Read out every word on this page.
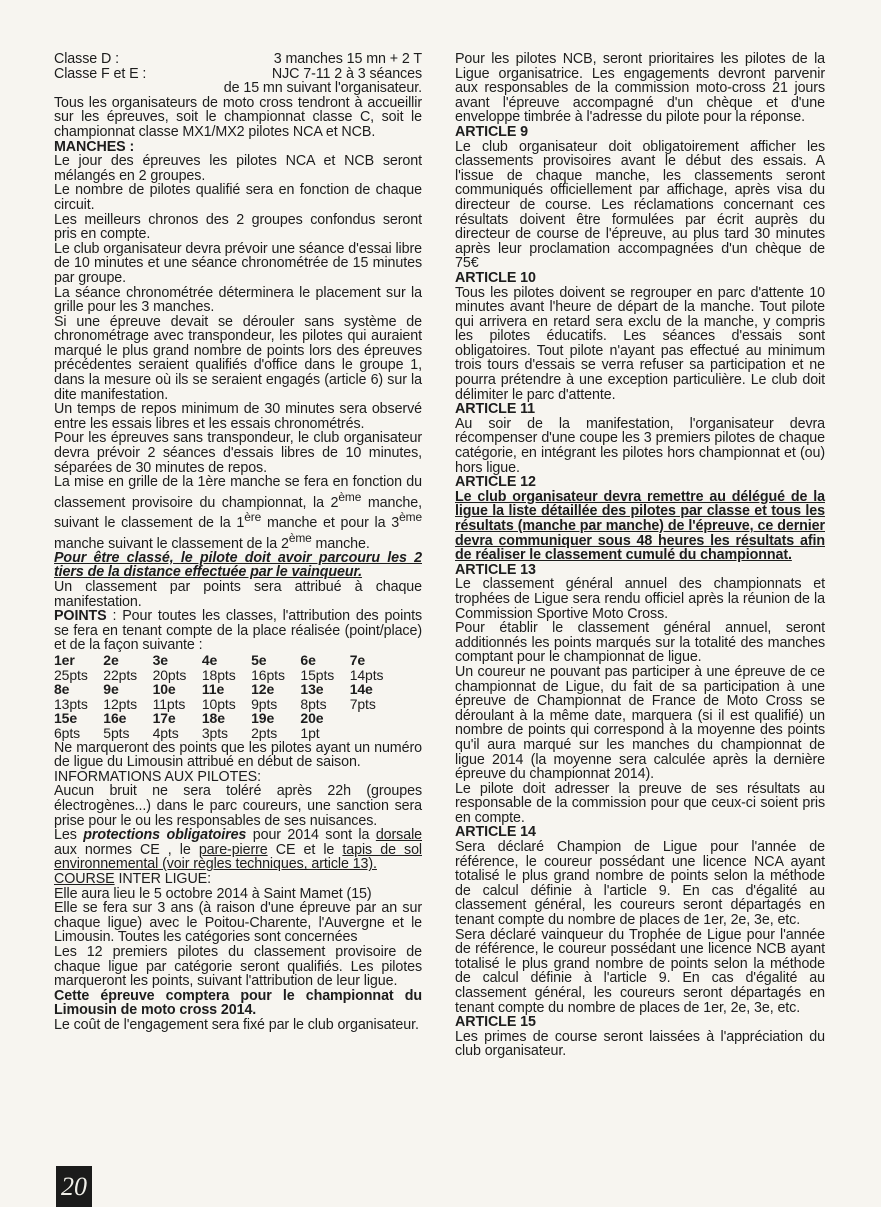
Classe D :	3 manches 15 mn + 2 T
Classe F et E :	NJC 7-11 2 à 3 séances

de 15 mn suivant l'organisateur.

Tous les organisateurs de moto cross tendront à accueillir sur les épreuves, soit le championnat classe C, soit le championnat classe MX1/MX2 pilotes NCA et NCB.

MANCHES :

Le jour des épreuves les pilotes NCA et NCB seront mélangés en 2 groupes.

Le nombre de pilotes qualifié sera en fonction de chaque circuit.

Les meilleurs chronos des 2 groupes confondus seront pris en compte.

Le club organisateur devra prévoir une séance d'essai libre de 10 minutes et une séance chronométrée de 15 minutes par groupe.

La séance chronométrée déterminera le placement sur la grille pour les 3 manches.

Si une épreuve devait se dérouler sans système de chronométrage avec transpondeur, les pilotes qui auraient marqué le plus grand nombre de points lors des épreuves précédentes seraient qualifiés d'office dans le groupe 1, dans la mesure où ils se seraient engagés (article 6) sur la dite manifestation.

Un temps de repos minimum de 30 minutes sera observé entre les essais libres et les essais chronométrés.

Pour les épreuves sans transpondeur, le club organisateur devra prévoir 2 séances d'essais libres de 10 minutes, séparées de 30 minutes de repos.

La mise en grille de la 1ère manche se fera en fonction du classement provisoire du championnat, la 2ème manche, suivant le classement de la 1ère manche et pour la 3ème manche suivant le classement de la 2ème manche.

Pour être classé, le pilote doit avoir parcouru les 2 tiers de la distance effectuée par le vainqueur.

Un classement par points sera attribué à chaque manifestation.

POINTS : Pour toutes les classes, l'attribution des points se fera en tenant compte de la place réalisée (point/place) et de la façon suivante :

1er	2e	3e	4e	5e	6e	7e
25pts	22pts	20pts	18pts	16pts	15pts	14pts
8e	9e	10e	11e	12e	13e	14e
13pts	12pts	11pts	10pts	9pts	8pts	7pts
15e	16e	17e	18e	19e	20e	
6pts	5pts	4pts	3pts	2pts	1pt	

Ne marqueront des points que les pilotes ayant un numéro de ligue du Limousin attribué en début de saison.

INFORMATIONS AUX PILOTES:

Aucun bruit ne sera toléré après 22h (groupes électrogènes...) dans le parc coureurs, une sanction sera prise pour le ou les responsables de ses nuisances.

Les protections obligatoires pour 2014 sont la dorsale aux normes CE , le pare-pierre CE et le tapis de sol environnemental (voir règles techniques, article 13).

COURSE INTER LIGUE:

Elle aura lieu le 5 octobre 2014 à Saint Mamet (15)

Elle se fera sur 3 ans (à raison d'une épreuve par an sur chaque ligue) avec le Poitou-Charente, l'Auvergne et le Limousin. Toutes les catégories sont concernées

Les 12 premiers pilotes du classement provisoire de chaque ligue par catégorie seront qualifiés. Les pilotes marqueront les points, suivant l'attribution de leur ligue.

Cette épreuve comptera pour le championnat du Limousin de moto cross 2014.

Le coût de l'engagement sera fixé par le club organisateur.

Pour les pilotes NCB, seront prioritaires les pilotes de la Ligue organisatrice. Les engagements devront parvenir aux responsables de la commission moto-cross 21 jours avant l'épreuve accompagné d'un chèque et d'une enveloppe timbrée à l'adresse du pilote pour la réponse.

ARTICLE 9

Le club organisateur doit obligatoirement afficher les classements provisoires avant le début des essais. A l'issue de chaque manche, les classements seront communiqués officiellement par affichage, après visa du directeur de course. Les réclamations concernant ces résultats doivent être formulées par écrit auprès du directeur de course de l'épreuve, au plus tard 30 minutes après leur proclamation accompagnées d'un chèque de 75€

ARTICLE 10

Tous les pilotes doivent se regrouper en parc d'attente 10 minutes avant l'heure de départ de la manche. Tout pilote qui arrivera en retard sera exclu de la manche, y compris les pilotes éducatifs. Les séances d'essais sont obligatoires. Tout pilote n'ayant pas effectué au minimum trois tours d'essais se verra refuser sa participation et ne pourra prétendre à une exception particulière. Le club doit délimiter le parc d'attente.

ARTICLE 11

Au soir de la manifestation, l'organisateur devra récompenser d'une coupe les 3 premiers pilotes de chaque catégorie, en intégrant les pilotes hors championnat et (ou) hors ligue.

ARTICLE 12

Le club organisateur devra remettre au délégué de la ligue la liste détaillée des pilotes par classe et tous les résultats (manche par manche) de l'épreuve, ce dernier devra communiquer sous 48 heures les résultats afin de réaliser le classement cumulé du championnat.

ARTICLE 13

Le classement général annuel des championnats et trophées de Ligue sera rendu officiel après la réunion de la Commission Sportive Moto Cross.

Pour établir le classement général annuel, seront additionnés les points marqués sur la totalité des manches comptant pour le championnat de ligue.

Un coureur ne pouvant pas participer à une épreuve de ce championnat de Ligue, du fait de sa participation à une épreuve de Championnat de France de Moto Cross se déroulant à la même date, marquera (si il est qualifié) un nombre de points qui correspond à la moyenne des points qu'il aura marqué sur les manches du championnat de ligue 2014 (la moyenne sera calculée après la dernière épreuve du championnat 2014).

Le pilote doit adresser la preuve de ses résultats au responsable de la commission pour que ceux-ci soient pris en compte.

ARTICLE 14

Sera déclaré Champion de Ligue pour l'année de référence, le coureur possédant une licence NCA ayant totalisé le plus grand nombre de points selon la méthode de calcul définie à l'article 9. En cas d'égalité au classement général, les coureurs seront départagés en tenant compte du nombre de places de 1er, 2e, 3e, etc.

Sera déclaré vainqueur du Trophée de Ligue pour l'année de référence, le coureur possédant une licence NCB ayant totalisé le plus grand nombre de points selon la méthode de calcul définie à l'article 9. En cas d'égalité au classement général, les coureurs seront départagés en tenant compte du nombre de places de 1er, 2e, 3e, etc.

ARTICLE 15

Les primes de course seront laissées à l'appréciation du club organisateur.

20
